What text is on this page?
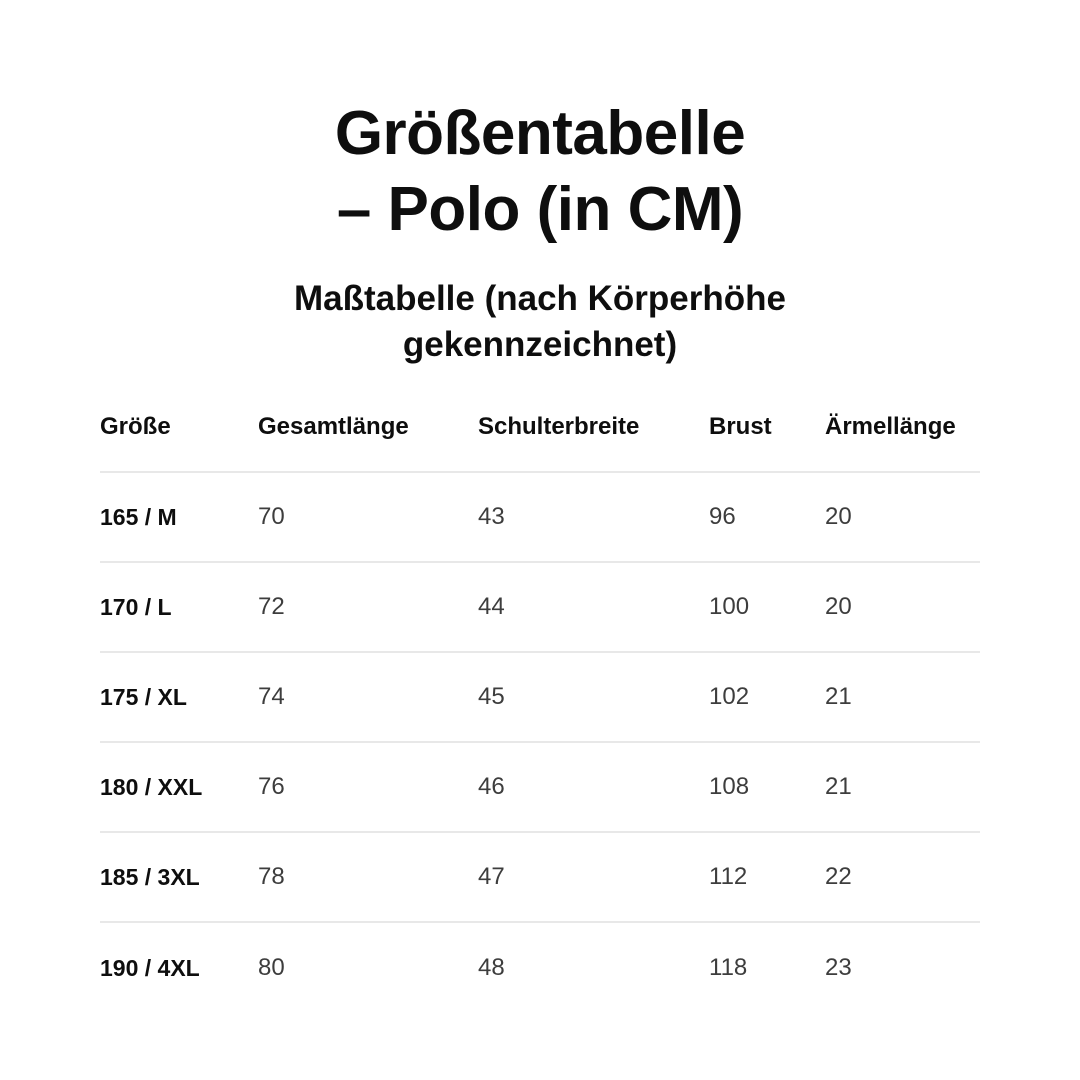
Größentabelle
– Polo (in CM)
Maßtabelle (nach Körperhöhe
gekennzeichnet)
Größe	Gesamtlänge	Schulterbreite	Brust	Ärmellänge
165 / M	70	43	96	20
170 / L	72	44	100	20
175 / XL	74	45	102	21
180 / XXL	76	46	108	21
185 / 3XL	78	47	112	22
190 / 4XL	80	48	118	23
